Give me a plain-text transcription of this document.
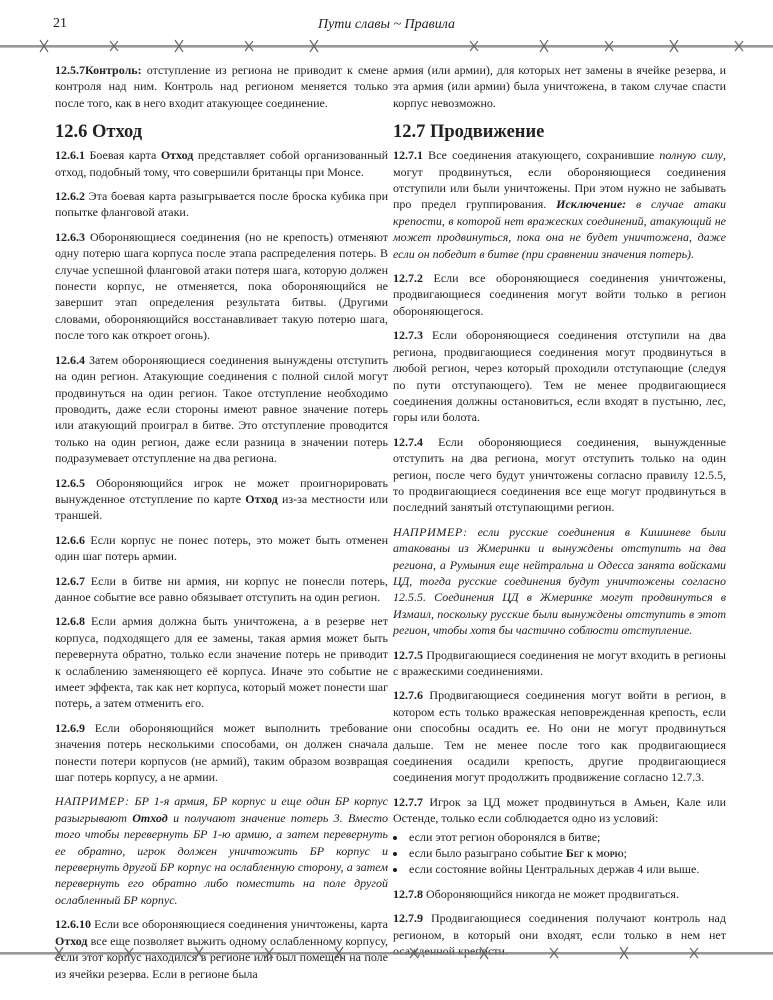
21	Пути славы ~ Правила

12.5.7Контроль: отступление из региона не приводит к смене контроля над ним. Контроль над регионом меняется только после того, как в него входит атакующее соединение.

12.6 Отход

12.6.1 Боевая карта Отход представляет собой организованный отход, подобный тому, что совершили британцы при Монсе.

12.6.2 Эта боевая карта разыгрывается после броска кубика при попытке фланговой атаки.

12.6.3 Обороняющиеся соединения (но не крепость) отменяют одну потерю шага корпуса после этапа распределения потерь. В случае успешной фланговой атаки потеря шага, которую должен понести корпус, не отменяется, пока обороняющийся не завершит этап определения результата битвы. (Другими словами, обороняющийся восстанавливает такую потерю шага, после того как откроет огонь).

12.6.4 Затем обороняющиеся соединения вынуждены отступить на один регион. Атакующие соединения с полной силой могут продвинуться на один регион. Такое отступление необходимо проводить, даже если стороны имеют равное значение потерь или атакующий проиграл в битве. Это отступление проводится только на один регион, даже если разница в значении потерь подразумевает отступление на два региона.

12.6.5 Обороняющийся игрок не может проигнорировать вынужденное отступление по карте Отход из-за местности или траншей.

12.6.6 Если корпус не понес потерь, это может быть отменен один шаг потерь армии.

12.6.7 Если в битве ни армия, ни корпус не понесли потерь, данное событие все равно обязывает отступить на один регион.

12.6.8 Если армия должна быть уничтожена, а в резерве нет корпуса, подходящего для ее замены, такая армия может быть перевернута обратно, только если значение потерь не приводит к ослаблению заменяющего её корпуса. Иначе это событие не имеет эффекта, так как нет корпуса, который может понести шаг потерь, а затем отменить его.

12.6.9 Если обороняющийся может выполнить требование значения потерь несколькими способами, он должен сначала понести потери корпусов (не армий), таким образом возвращая шаг потерь корпусу, а не армии.

НАПРИМЕР: БР 1-я армия, БР корпус и еще один БР корпус разыгрывают Отход и получают значение потерь 3. Вместо того чтобы перевернуть БР 1-ю армию, а затем перевернуть ее обратно, игрок должен уничтожить БР корпус и перевернуть другой БР корпус на ослабленную сторону, а затем перевернуть его обратно либо поместить на поле другой ослабленный БР корпус.

12.6.10 Если все обороняющиеся соединения уничтожены, карта Отход все еще позволяет выжить одному ослабленному корпусу, если этот корпус находился в регионе или был помещен на поле из ячейки резерва. Если в регионе была

армия (или армии), для которых нет замены в ячейке резерва, и эта армия (или армии) была уничтожена, в таком случае спасти корпус невозможно.

12.7 Продвижение

12.7.1 Все соединения атакующего, сохранившие полную силу, могут продвинуться, если обороняющиеся соединения отступили или были уничтожены. При этом нужно не забывать про предел группирования. Исключение: в случае атаки крепости, в которой нет вражеских соединений, атакующий не может продвинуться, пока она не будет уничтожена, даже если он победит в битве (при сравнении значения потерь).

12.7.2 Если все обороняющиеся соединения уничтожены, продвигающиеся соединения могут войти только в регион обороняющегося.

12.7.3 Если обороняющиеся соединения отступили на два региона, продвигающиеся соединения могут продвинуться в любой регион, через который проходили отступающие (следуя по пути отступающего). Тем не менее продвигающиеся соединения должны остановиться, если входят в пустыню, лес, горы или болота.

12.7.4 Если обороняющиеся соединения, вынужденные отступить на два региона, могут отступить только на один регион, после чего будут уничтожены согласно правилу 12.5.5, то продвигающиеся соединения все еще могут продвинуться в последний занятый отступающими регион.

НАПРИМЕР: если русские соединения в Кишиневе были атакованы из Жмеринки и вынуждены отступить на два региона, а Румыния еще нейтральна и Одесса занята войсками ЦД, тогда русские соединения будут уничтожены согласно 12.5.5. Соединения ЦД в Жмеринке могут продвинуться в Измаил, поскольку русские были вынуждены отступить в этот регион, чтобы хотя бы частично соблюсти отступление.

12.7.5 Продвигающиеся соединения не могут входить в регионы с вражескими соединениями.

12.7.6 Продвигающиеся соединения могут войти в регион, в котором есть только вражеская неповрежденная крепость, если они способны осадить ее. Но они не могут продвинуться дальше. Тем не менее после того как продвигающиеся соединения осадили крепость, другие продвигающиеся соединения могут продолжить продвижение согласно 12.7.3.

12.7.7 Игрок за ЦД может продвинуться в Амьен, Кале или Остенде, только если соблюдается одно из условий:

• если этот регион оборонялся в битве;
• если было разыграно событие Бег к морю;
• если состояние войны Центральных держав 4 или выше.

12.7.8 Обороняющийся никогда не может продвигаться.

12.7.9 Продвигающиеся соединения получают контроль над регионом, в который они входят, если только в нем нет осажденной крепости.
